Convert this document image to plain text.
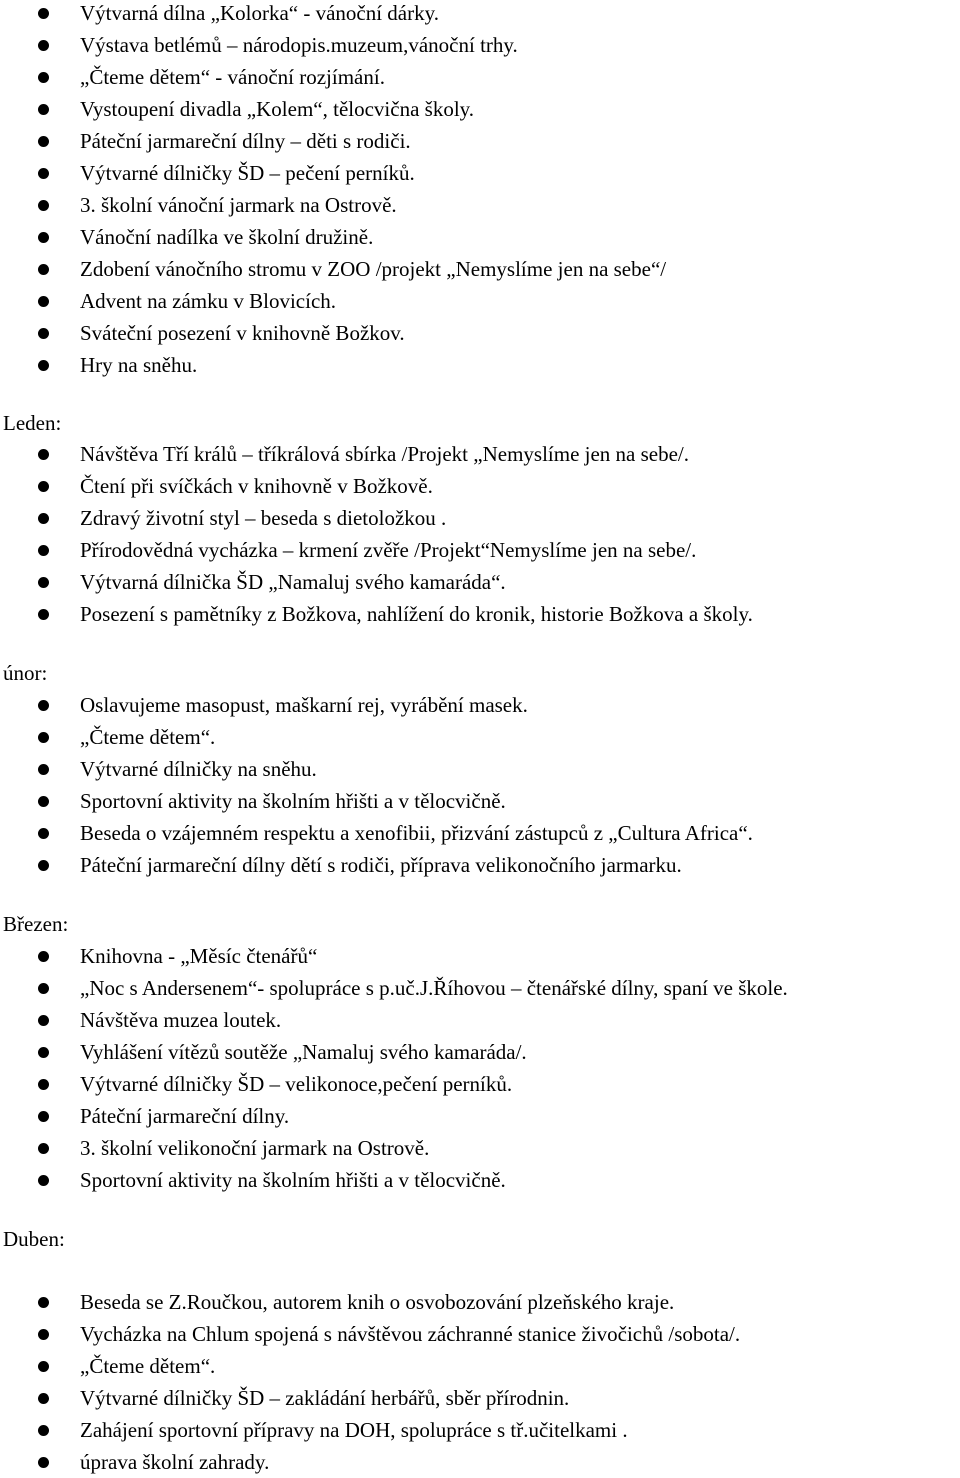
Výtvarná dílna „Kolorka“ - vánoční dárky.
Výstava betlémů – národopis.muzeum,vánoční trhy.
„Čteme dětem“ - vánoční rozjímání.
Vystoupení divadla „Kolem“, tělocvična školy.
Páteční jarmareční dílny – děti s rodiči.
Výtvarné dílničky ŠD – pečení perníků.
3. školní vánoční jarmark na Ostrově.
Vánoční nadílka ve školní družině.
Zdobení vánočního stromu v ZOO /projekt „Nemyslíme jen na sebe“/
Advent na zámku v Blovicích.
Sváteční posezení v knihovně Božkov.
Hry na sněhu.
Leden:
Návštěva Tří králů – tříkrálová sbírka /Projekt „Nemyslíme jen na sebe/.
Čtení při svíčkách v knihovně v Božkově.
Zdravý životní styl – beseda s dietoložkou .
Přírodovědná vycházka – krmení zvěře /Projekt“Nemyslíme jen na sebe/.
Výtvarná dílnička ŠD „Namaluj svého kamaráda“.
Posezení s pamětníky z Božkova, nahlížení do kronik, historie Božkova a školy.
únor:
Oslavujeme masopust, maškarní rej, vyrábění masek.
„Čteme dětem“.
Výtvarné dílničky na sněhu.
Sportovní aktivity na školním hřišti a v tělocvičně.
Beseda o vzájemném respektu a xenofibii, přizvání zástupců z „Cultura Africa“.
Páteční jarmareční dílny dětí s rodiči, příprava velikonočního jarmarku.
Březen:
Knihovna - „Měsíc čtenářů“
„Noc s Andersenem“- spolupráce s p.uč.J.Říhovou – čtenářské dílny, spaní ve škole.
Návštěva muzea loutek.
Vyhlášení vítězů soutěže „Namaluj svého kamaráda/.
Výtvarné dílničky ŠD – velikonoce,pečení perníků.
Páteční jarmareční dílny.
3. školní velikonoční jarmark na Ostrově.
Sportovní aktivity na školním hřišti a v tělocvičně.
Duben:
Beseda se Z.Roučkou, autorem knih o osvobozování plzeňského kraje.
Vycházka na Chlum spojená s návštěvou záchranné stanice živočichů /sobota/.
„Čteme dětem“.
Výtvarné dílničky ŠD – zakládání herbářů, sběr přírodnin.
Zahájení sportovní přípravy na DOH, spolupráce s tř.učitelkami .
úprava školní zahrady.
